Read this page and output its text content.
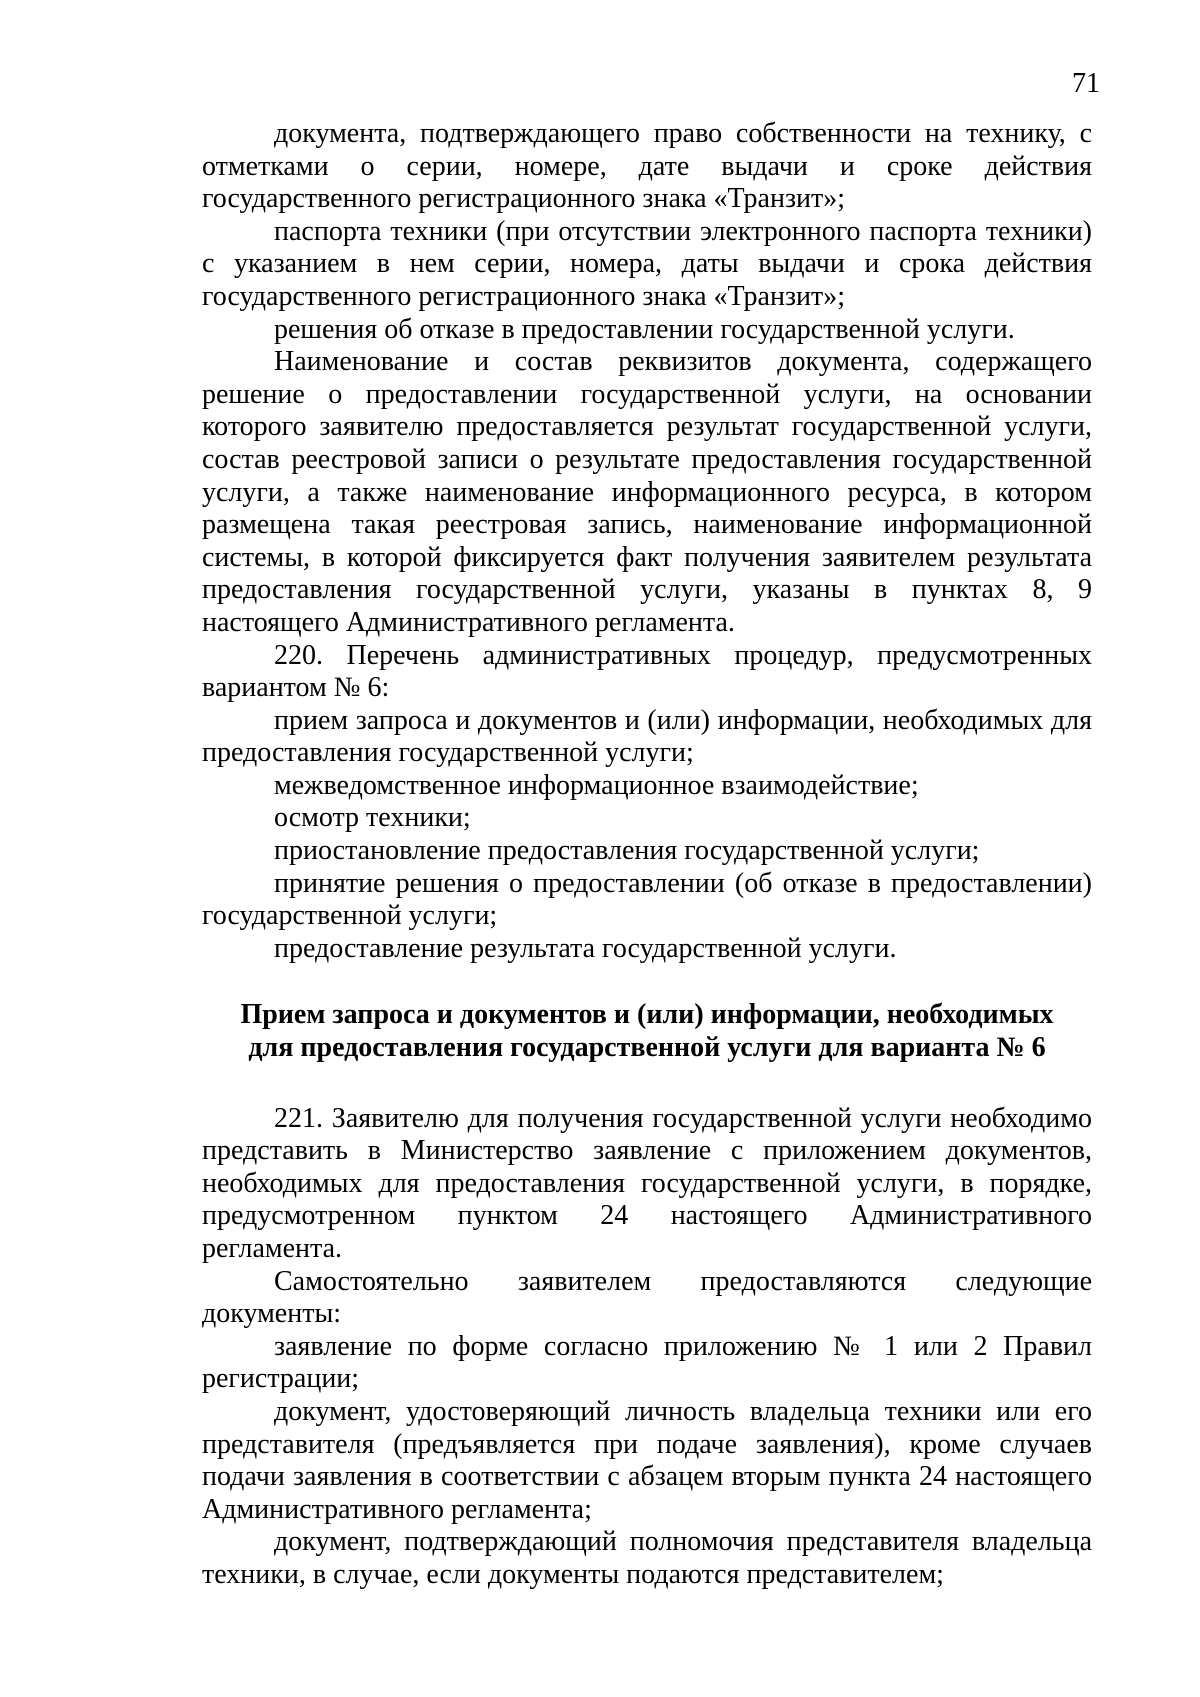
71

документа, подтверждающего право собственности на технику, с отметками о серии, номере, дате выдачи и сроке действия государственного регистрационного знака «Транзит»;

паспорта техники (при отсутствии электронного паспорта техники) с указанием в нем серии, номера, даты выдачи и срока действия государственного регистрационного знака «Транзит»;

решения об отказе в предоставлении государственной услуги.

Наименование и состав реквизитов документа, содержащего решение о предоставлении государственной услуги, на основании которого заявителю предоставляется результат государственной услуги, состав реестровой записи о результате предоставления государственной услуги, а также наименование информационного ресурса, в котором размещена такая реестровая запись, наименование информационной системы, в которой фиксируется факт получения заявителем результата предоставления государственной услуги, указаны в пунктах 8, 9 настоящего Административного регламента.

220. Перечень административных процедур, предусмотренных вариантом № 6:

прием запроса и документов и (или) информации, необходимых для предоставления государственной услуги;

межведомственное информационное взаимодействие;

осмотр техники;

приостановление предоставления государственной услуги;

принятие решения о предоставлении (об отказе в предоставлении) государственной услуги;

предоставление результата государственной услуги.

Прием запроса и документов и (или) информации, необходимых
для предоставления государственной услуги для варианта № 6

221. Заявителю для получения государственной услуги необходимо представить в Министерство заявление с приложением документов, необходимых для предоставления государственной услуги, в порядке, предусмотренном пунктом 24 настоящего Административного регламента.

Самостоятельно заявителем предоставляются следующие документы:

заявление по форме согласно приложению № 1 или 2 Правил регистрации;

документ, удостоверяющий личность владельца техники или его представителя (предъявляется при подаче заявления), кроме случаев подачи заявления в соответствии с абзацем вторым пункта 24 настоящего Административного регламента;

документ, подтверждающий полномочия представителя владельца техники, в случае, если документы подаются представителем;
